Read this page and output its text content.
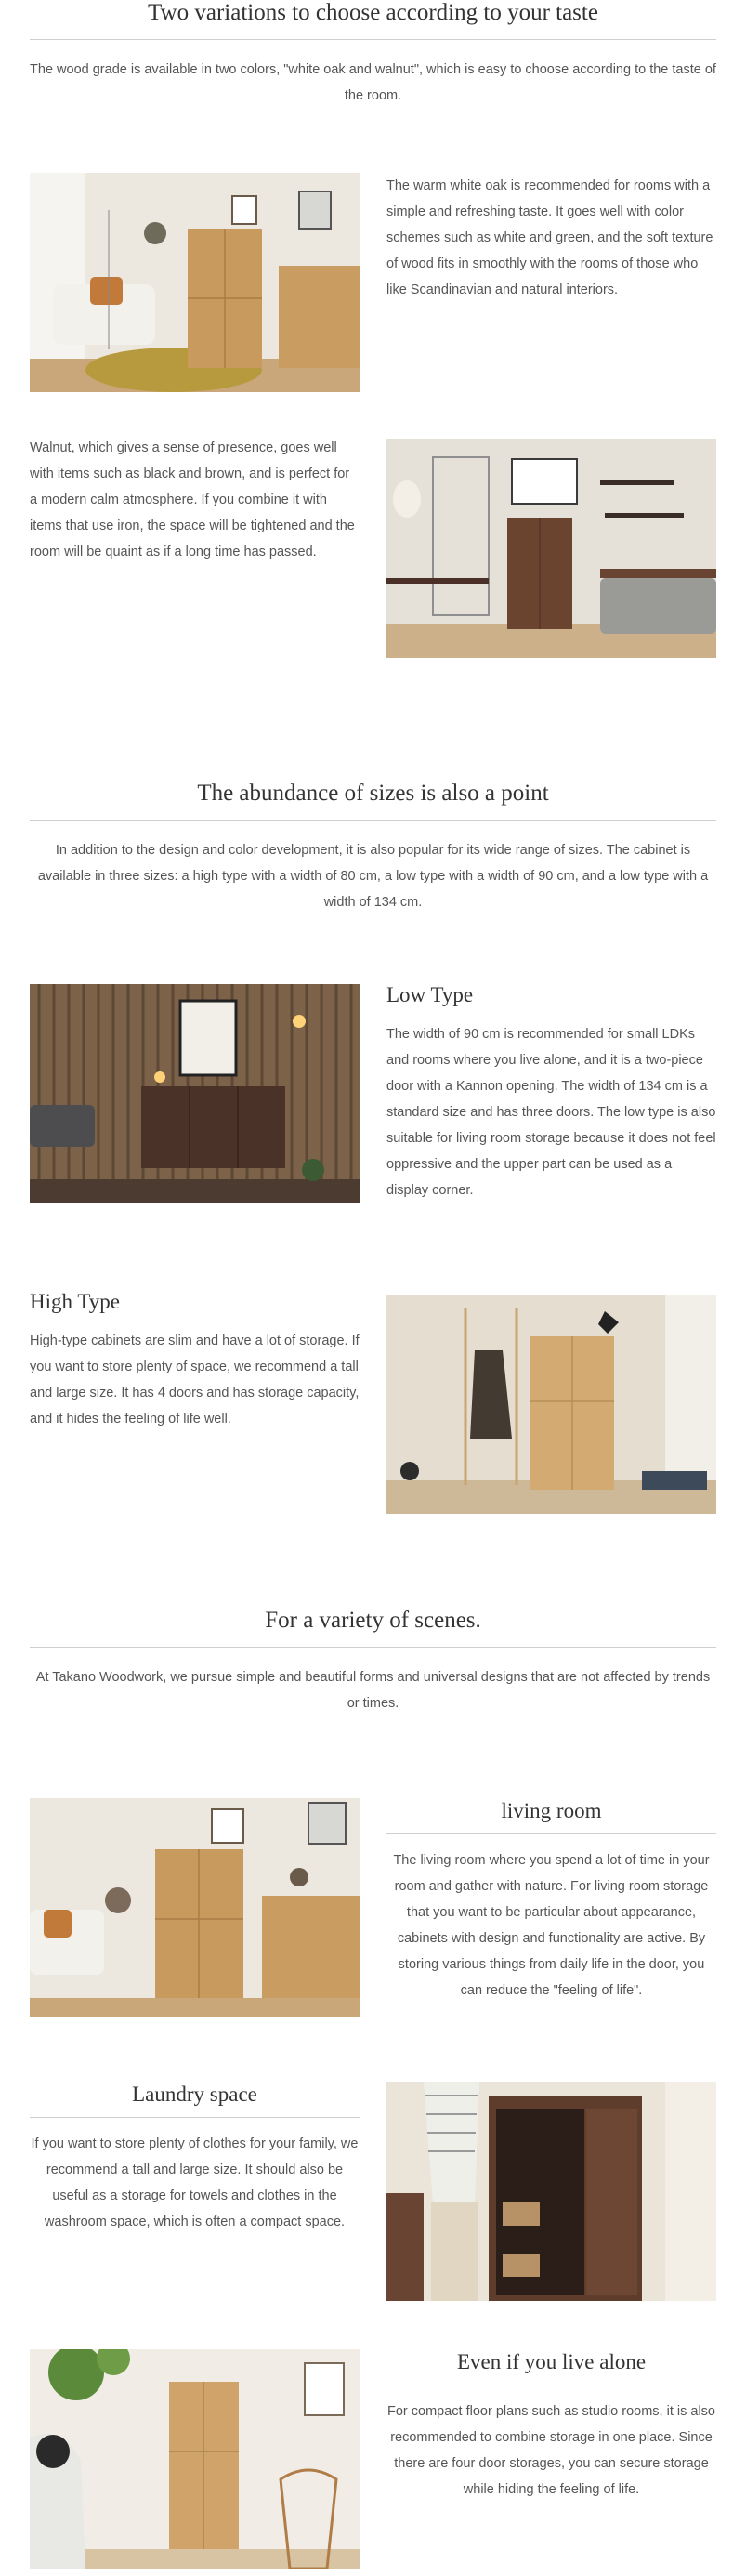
Two variations to choose according to your taste

The wood grade is available in two colors, "white oak and walnut", which is easy to choose according to the taste of the room.

The warm white oak is recommended for rooms with a simple and refreshing taste. It goes well with color schemes such as white and green, and the soft texture of wood fits in smoothly with the rooms of those who like Scandinavian and natural interiors.

Walnut, which gives a sense of presence, goes well with items such as black and brown, and is perfect for a modern calm atmosphere. If you combine it with items that use iron, the space will be tightened and the room will be quaint as if a long time has passed.

The abundance of sizes is also a point

In addition to the design and color development, it is also popular for its wide range of sizes. The cabinet is available in three sizes: a high type with a width of 80 cm, a low type with a width of 90 cm, and a low type with a width of 134 cm.

Low Type

The width of 90 cm is recommended for small LDKs and rooms where you live alone, and it is a two-piece door with a Kannon opening. The width of 134 cm is a standard size and has three doors. The low type is also suitable for living room storage because it does not feel oppressive and the upper part can be used as a display corner.

High Type

High-type cabinets are slim and have a lot of storage. If you want to store plenty of space, we recommend a tall and large size. It has 4 doors and has storage capacity, and it hides the feeling of life well.

For a variety of scenes.

At Takano Woodwork, we pursue simple and beautiful forms and universal designs that are not affected by trends or times.

living room

The living room where you spend a lot of time in your room and gather with nature. For living room storage that you want to be particular about appearance, cabinets with design and functionality are active. By storing various things from daily life in the door, you can reduce the "feeling of life".

Laundry space

If you want to store plenty of clothes for your family, we recommend a tall and large size. It should also be useful as a storage for towels and clothes in the washroom space, which is often a compact space.

Even if you live alone

For compact floor plans such as studio rooms, it is also recommended to combine storage in one place. Since there are four door storages, you can secure storage while hiding the feeling of life.
